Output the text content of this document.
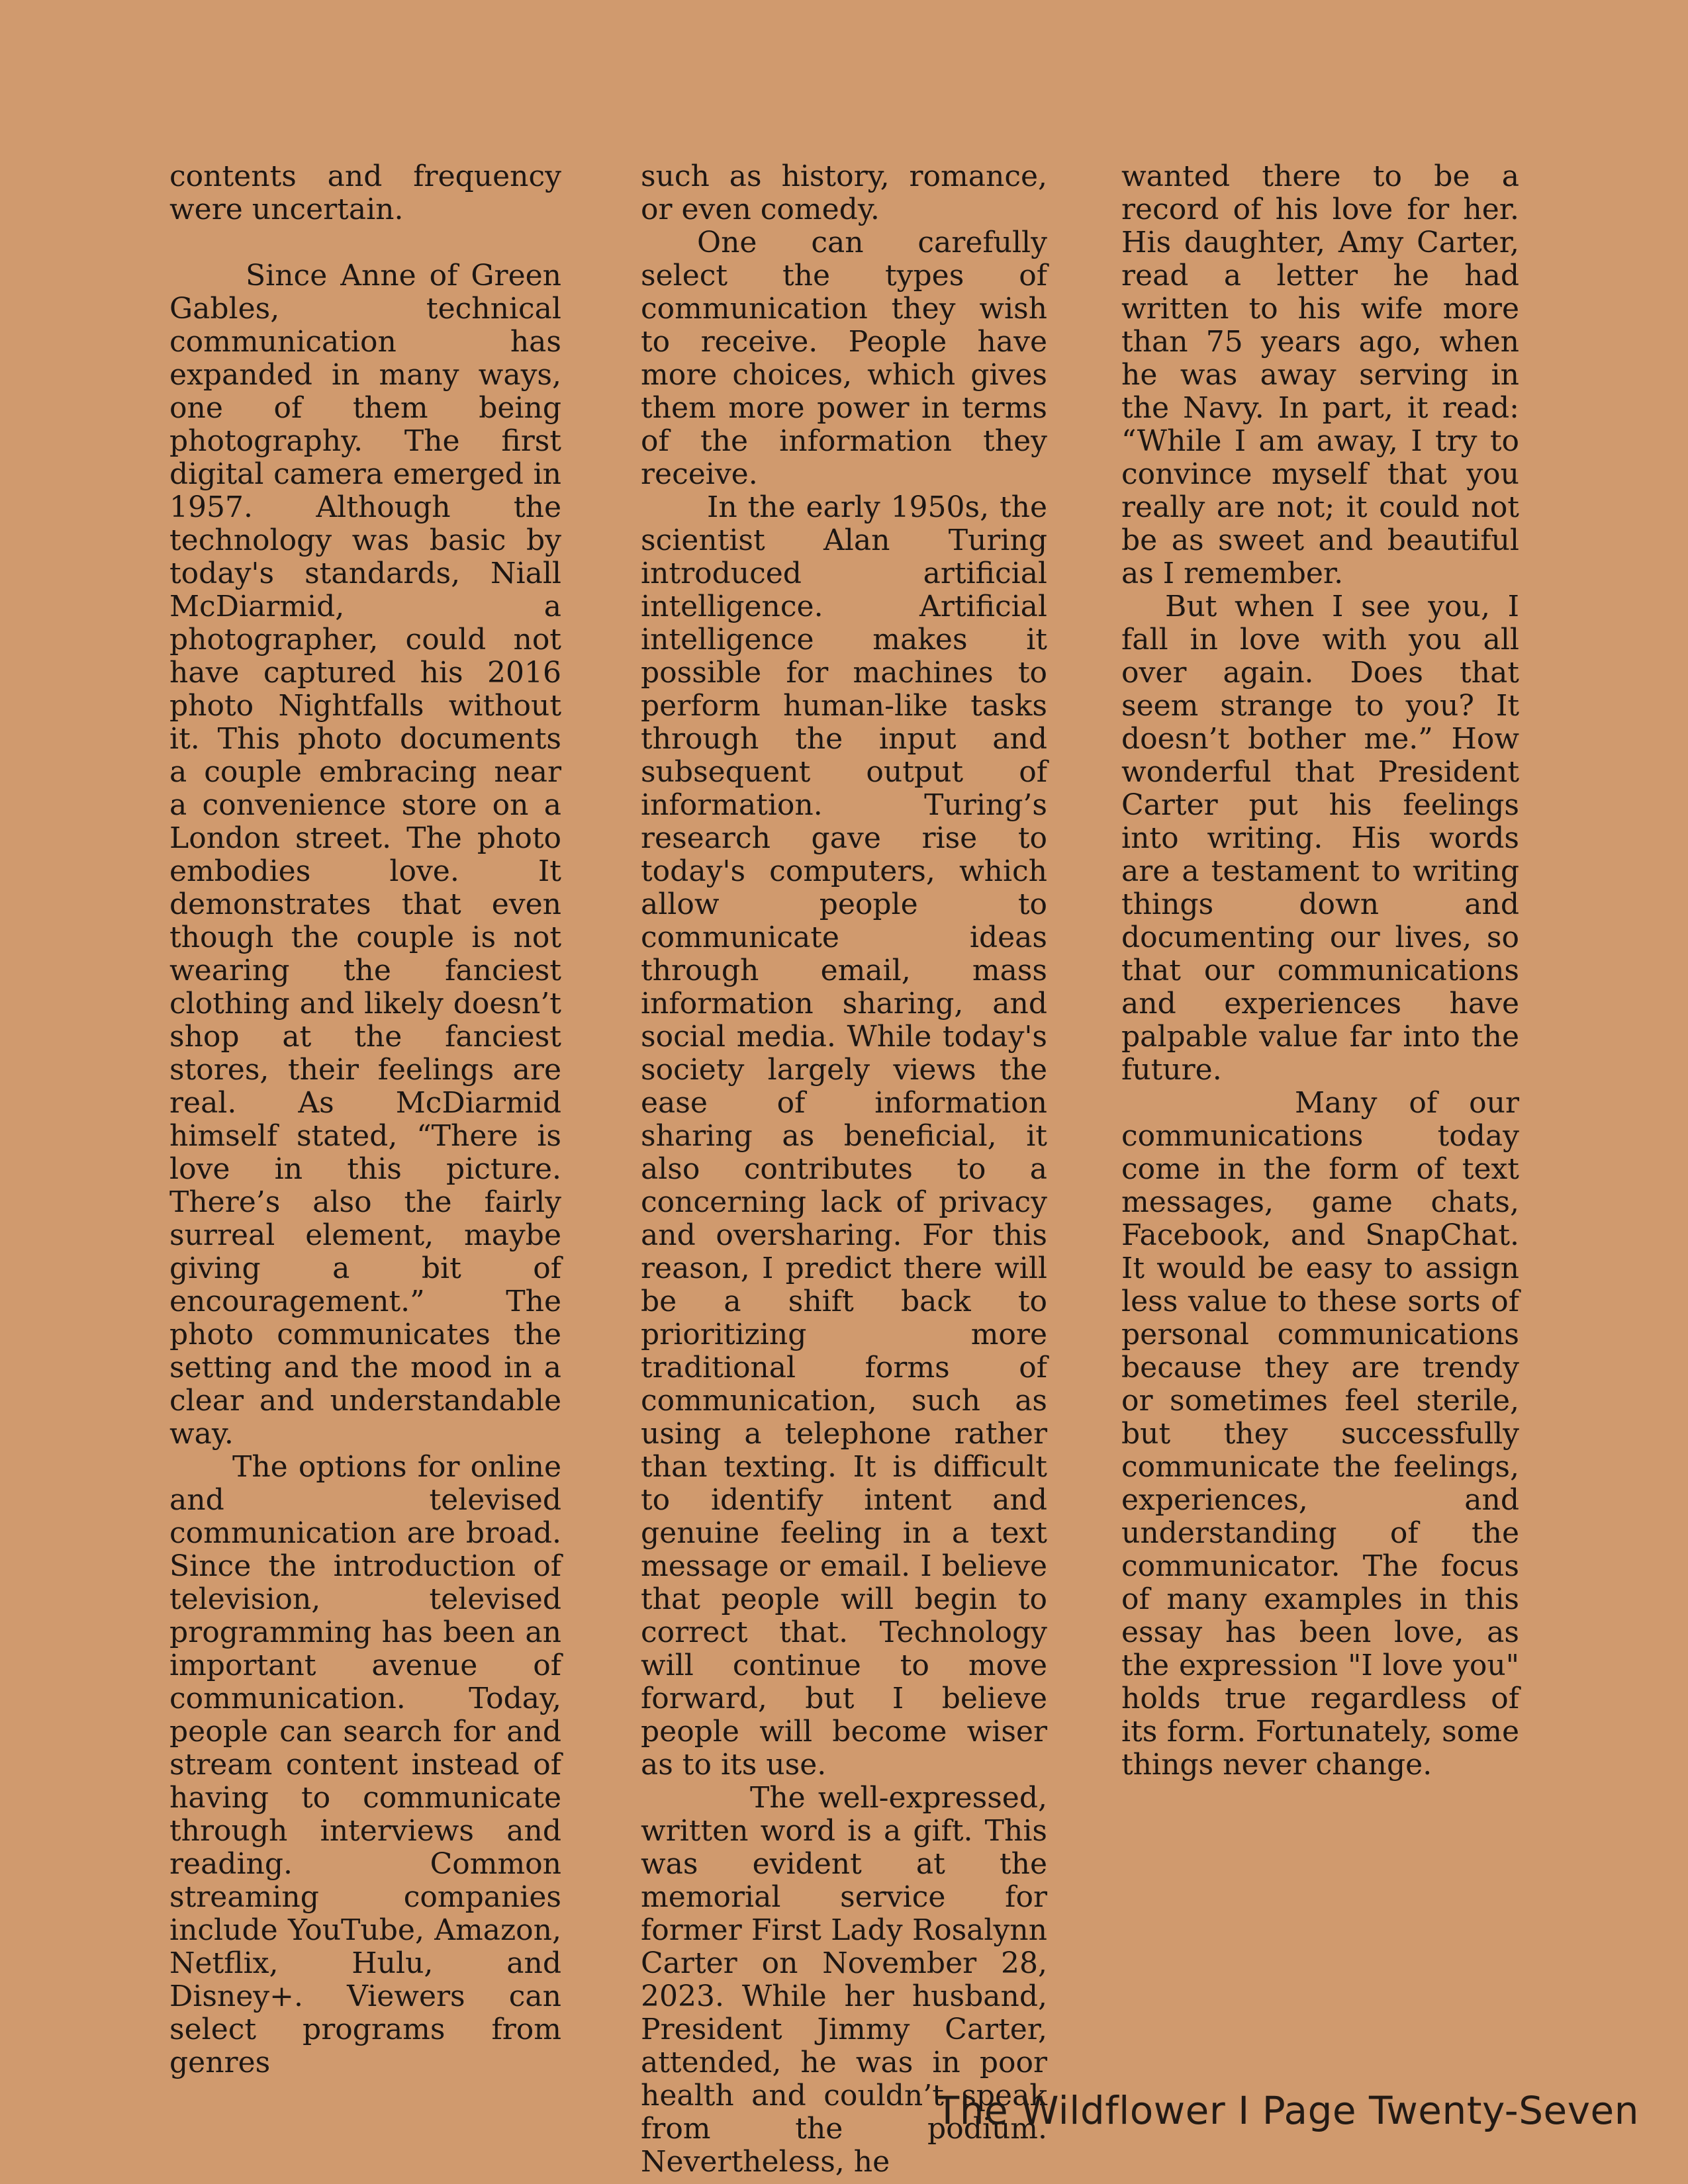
contents and frequency were uncertain.

Since Anne of Green Gables, technical communication has expanded in many ways, one of them being photography. The first digital camera emerged in 1957. Although the technology was basic by today's standards, Niall McDiarmid, a photographer, could not have captured his 2016 photo Nightfalls without it. This photo documents a couple embracing near a convenience store on a London street. The photo embodies love. It demonstrates that even though the couple is not wearing the fanciest clothing and likely doesn’t shop at the fanciest stores, their feelings are real. As McDiarmid himself stated, “There is love in this picture. There’s also the fairly surreal element, maybe giving a bit of encouragement.” The photo communicates the setting and the mood in a clear and understandable way.

The options for online and televised communication are broad. Since the introduction of television, televised programming has been an important avenue of communication. Today, people can search for and stream content instead of having to communicate through interviews and reading. Common streaming companies include YouTube, Amazon, Netflix, Hulu, and Disney+. Viewers can select programs from genres

such as history, romance, or even comedy.

One can carefully select the types of communication they wish to receive. People have more choices, which gives them more power in terms of the information they receive.

In the early 1950s, the scientist Alan Turing introduced artificial intelligence. Artificial intelligence makes it possible for machines to perform human-like tasks through the input and subsequent output of information. Turing’s research gave rise to today's computers, which allow people to communicate ideas through email, mass information sharing, and social media. While today's society largely views the ease of information sharing as beneficial, it also contributes to a concerning lack of privacy and oversharing. For this reason, I predict there will be a shift back to prioritizing more traditional forms of communication, such as using a telephone rather than texting. It is difficult to identify intent and genuine feeling in a text message or email. I believe that people will begin to correct that. Technology will continue to move forward, but I believe people will become wiser as to its use.

The well-expressed, written word is a gift. This was evident at the memorial service for former First Lady Rosalynn Carter on November 28, 2023. While her husband, President Jimmy Carter, attended, he was in poor health and couldn’t speak from the podium. Nevertheless, he

wanted there to be a record of his love for her. His daughter, Amy Carter, read a letter he had written to his wife more than 75 years ago, when he was away serving in the Navy. In part, it read: “While I am away, I try to convince myself that you really are not; it could not be as sweet and beautiful as I remember.

But when I see you, I fall in love with you all over again. Does that seem strange to you? It doesn’t bother me.” How wonderful that President Carter put his feelings into writing. His words are a testament to writing things down and documenting our lives, so that our communications and experiences have palpable value far into the future.

Many of our communications today come in the form of text messages, game chats, Facebook, and SnapChat. It would be easy to assign less value to these sorts of personal communications because they are trendy or sometimes feel sterile, but they successfully communicate the feelings, experiences, and understanding of the communicator. The focus of many examples in this essay has been love, as the expression "I love you" holds true regardless of its form. Fortunately, some things never change.

The Wildflower I Page Twenty-Seven
